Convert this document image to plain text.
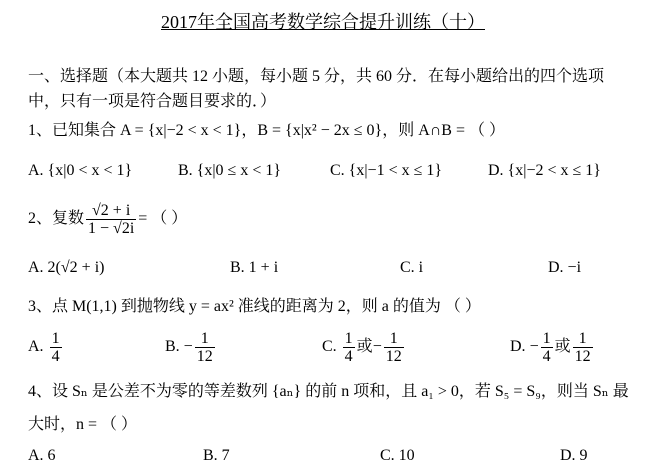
2017年全国高考数学综合提升训练（十）
一、选择题（本大题共 12 小题，每小题 5 分，共 60 分．在每小题给出的四个选项
中，只有一项是符合题目要求的．）
1、已知集合 A = {x|−2 < x < 1}，B = {x|x² − 2x ≤ 0}，则 A∩B = （ ）
A. {x|0 < x < 1}	B. {x|0 ≤ x < 1}	C. {x|−1 < x ≤ 1}	D. {x|−2 < x ≤ 1}
2、复数 $\frac{√2 + i}{1 - √2i}$ = （ ）
A. 2(√2 + i)	B. 1 + i	C. i	D. −i
3、点 M(1,1) 到抛物线 y = ax² 准线的距离为 2，则 a 的值为 （ ）
A. $\frac{1}{4}$	B. − $\frac{1}{12}$	C. $\frac{1}{4}$ 或− $\frac{1}{12}$	D. − $\frac{1}{4}$ 或 $\frac{1}{12}$
4、设 Sₙ 是公差不为零的等差数列 {aₙ} 的前 n 项和，且 a₁ > 0，若 S₅ = S₉，则当 Sₙ 最
大时，n = （ ）
A. 6	B. 7	C. 10	D. 9
